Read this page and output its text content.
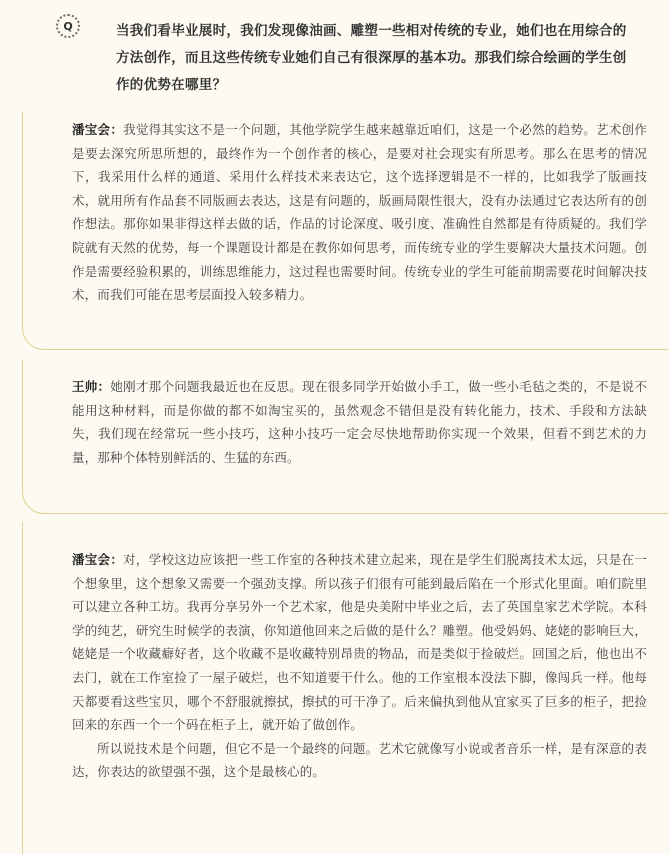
Q	当我们看毕业展时，我们发现像油画、雕塑一些相对传统的专业，她们也在用综合的方法创作，而且这些传统专业她们自己有很深厚的基本功。那我们综合绘画的学生创作的优势在哪里？

潘宝会：我觉得其实这不是一个问题，其他学院学生越来越靠近咱们，这是一个必然的趋势。艺术创作是要去深究所思所想的，最终作为一个创作者的核心，是要对社会现实有所思考。那么在思考的情况下，我采用什么样的通道、采用什么样技术来表达它，这个选择逻辑是不一样的，比如我学了版画技术，就用所有作品套不同版画去表达，这是有问题的，版画局限性很大，没有办法通过它表达所有的创作想法。那你如果非得这样去做的话，作品的讨论深度、吸引度、准确性自然都是有待质疑的。我们学院就有天然的优势，每一个课题设计都是在教你如何思考，而传统专业的学生要解决大量技术问题。创作是需要经验积累的，训练思维能力，这过程也需要时间。传统专业的学生可能前期需要花时间解决技术，而我们可能在思考层面投入较多精力。

王帅：她刚才那个问题我最近也在反思。现在很多同学开始做小手工，做一些小毛毡之类的，不是说不能用这种材料，而是你做的都不如淘宝买的，虽然观念不错但是没有转化能力，技术、手段和方法缺失，我们现在经常玩一些小技巧，这种小技巧一定会尽快地帮助你实现一个效果，但看不到艺术的力量，那种个体特别鲜活的、生猛的东西。

潘宝会：对，学校这边应该把一些工作室的各种技术建立起来，现在是学生们脱离技术太远，只是在一个想象里，这个想象又需要一个强劲支撑。所以孩子们很有可能到最后陷在一个形式化里面。咱们院里可以建立各种工坊。我再分享另外一个艺术家，他是央美附中毕业之后，去了英国皇家艺术学院。本科学的纯艺，研究生时候学的表演，你知道他回来之后做的是什么？雕塑。他受妈妈、姥姥的影响巨大，姥姥是一个收藏癖好者，这个收藏不是收藏特别昂贵的物品，而是类似于捡破烂。回国之后，他也出不去门，就在工作室捡了一屋子破烂，也不知道要干什么。他的工作室根本没法下脚，像闯兵一样。他每天都要看这些宝贝，哪个不舒服就擦拭，擦拭的可干净了。后来偏执到他从宜家买了巨多的柜子，把捡回来的东西一个一个码在柜子上，就开始了做创作。

所以说技术是个问题，但它不是一个最终的问题。艺术它就像写小说或者音乐一样，是有深意的表达，你表达的欲望强不强，这个是最核心的。
